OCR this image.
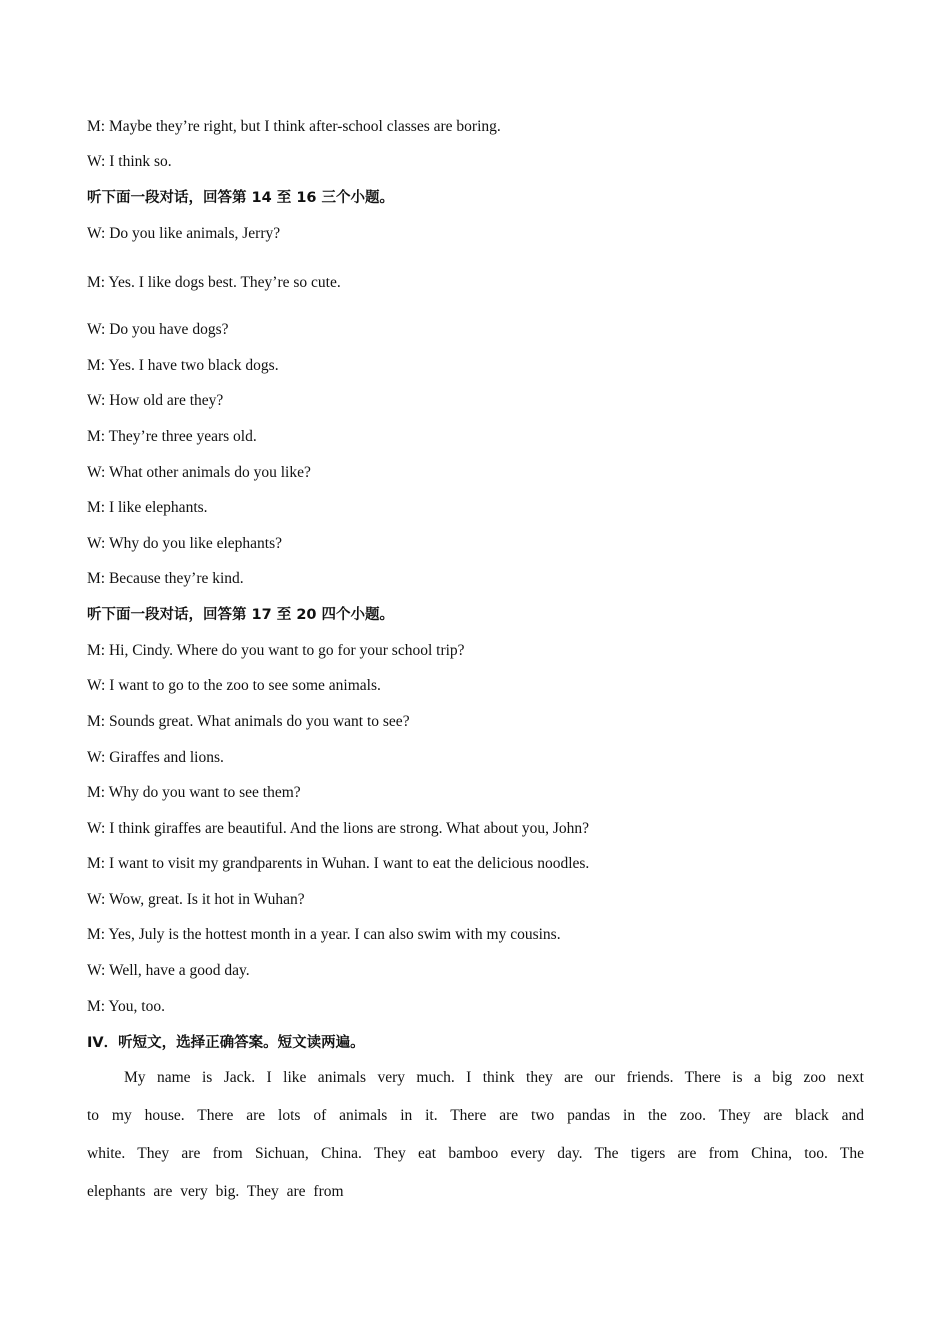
M: Maybe they’re right, but I think after-school classes are boring.
W: I think so.
听下面一段对话，回答第 14 至 16 三个小题。
W: Do you like animals, Jerry?
M: Yes. I like dogs best. They’re so cute.
W: Do you have dogs?
M: Yes. I have two black dogs.
W: How old are they?
M: They’re three years old.
W: What other animals do you like?
M: I like elephants.
W: Why do you like elephants?
M: Because they’re kind.
听下面一段对话，回答第 17 至 20 四个小题。
M: Hi, Cindy. Where do you want to go for your school trip?
W: I want to go to the zoo to see some animals.
M: Sounds great. What animals do you want to see?
W: Giraffes and lions.
M: Why do you want to see them?
W: I think giraffes are beautiful. And the lions are strong. What about you, John?
M: I want to visit my grandparents in Wuhan. I want to eat the delicious noodles.
W: Wow, great. Is it hot in Wuhan?
M: Yes, July is the hottest month in a year. I can also swim with my cousins.
W: Well, have a good day.
M: You, too.
IV．听短文，选择正确答案。短文读两遍。
My name is Jack. I like animals very much. I think they are our friends. There is a big zoo next
to my house. There are lots of animals in it. There are two pandas in the zoo. They are black and
white. They are from Sichuan, China. They eat bamboo every day. The tigers are from China, too. The
elephants are very big. They are from
